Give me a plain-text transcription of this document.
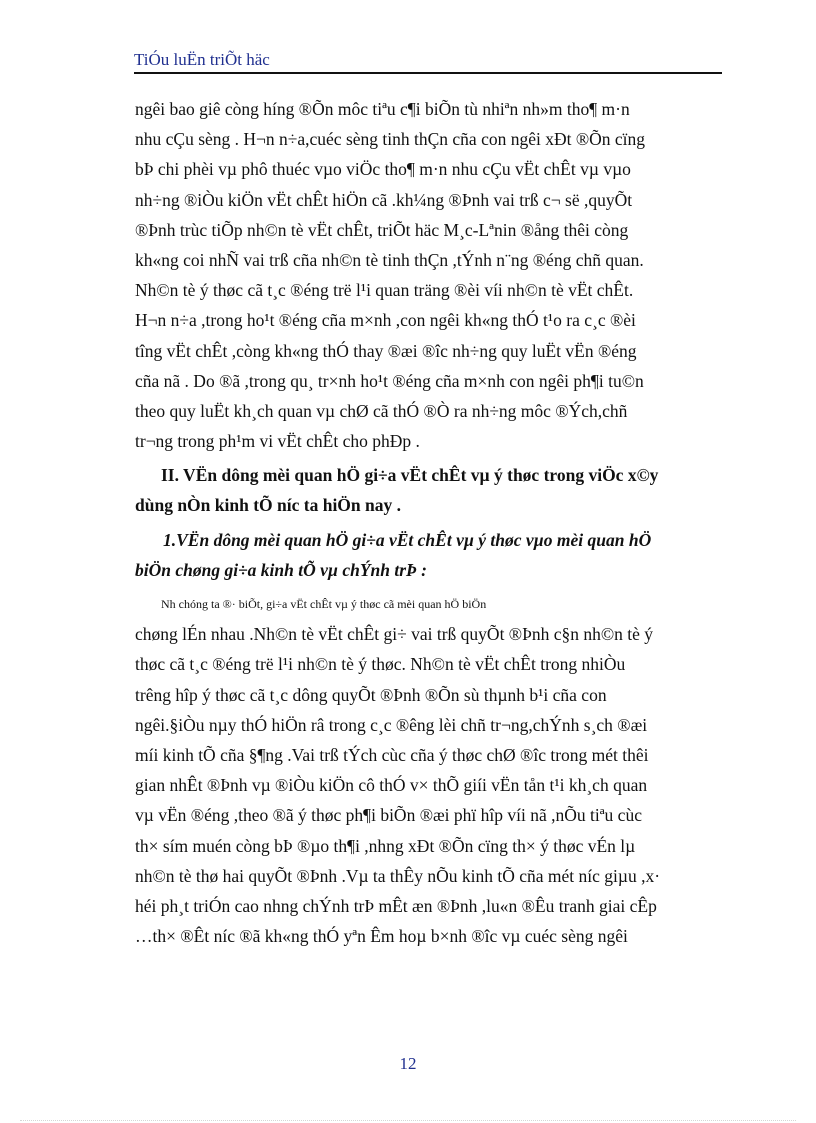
TiÓu luËn triÕt häc
ngêi bao giê còng híng ®Õn môc tiªu c¶i biÕn tù nhiªn nh»m tho¶ m·n
nhu cÇu sèng . H¬n n÷a,cuéc sèng tinh thÇn cña con ngêi xÐt ®Õn cïng
bÞ chi phèi vµ phô thuéc vµo viÖc tho¶ m·n nhu cÇu vËt chÊt vµ vµo
nh÷ng ®iÒu kiÖn vËt chÊt hiÖn cã .kh¼ng ®Þnh vai trß c¬ së ,quyÕt
®Þnh trùc tiÕp nh©n tè vËt chÊt, triÕt häc M¸c-Lªnin ®ång thêi còng
kh«ng coi nhÑ vai trß cña nh©n tè tinh thÇn ,tÝnh n¨ng ®éng chñ quan.
Nh©n tè ý thøc cã t¸c ®éng trë l¹i quan träng ®èi víi nh©n tè vËt chÊt.
H¬n n÷a ,trong ho¹t ®éng cña m×nh ,con ngêi kh«ng thÓ t¹o ra c¸c ®èi
tîng vËt chÊt ,còng kh«ng thÓ thay ®æi ®îc nh÷ng quy luËt vËn ®éng
cña nã . Do ®ã ,trong qu¸ tr×nh ho¹t ®éng cña m×nh con ngêi ph¶i tu©n
theo quy luËt kh¸ch quan vµ chØ cã thÓ ®Ò ra nh÷ng môc ®Ých,chñ
tr¬ng trong ph¹m vi vËt chÊt cho phÐp .
II. VËn dông mèi quan hÖ gi÷a vËt chÊt vµ ý thøc trong viÖc x©y
dùng nÒn kinh tÕ níc ta hiÖn nay .
1.VËn dông mèi quan hÖ gi÷a vËt chÊt vµ ý thøc vµo mèi quan hÖ
biÖn chøng gi÷a kinh tÕ vµ chÝnh trÞ :
Nh chóng ta ®· biÕt, gi÷a vËt chÊt vµ ý thøc cã mèi quan hÖ biÖn
chøng lÉn nhau .Nh©n tè vËt chÊt gi÷ vai trß quyÕt ®Þnh c§n nh©n tè ý
thøc cã t¸c ®éng trë l¹i nh©n tè ý thøc. Nh©n tè vËt chÊt trong nhiÒu
trêng hîp ý thøc cã t¸c dông quyÕt ®Þnh ®Õn sù thµnh b¹i cña con
ngêi.§iÒu nµy thÓ hiÖn râ trong c¸c ®êng lèi chñ tr¬ng,chÝnh s¸ch ®æi
míi kinh tÕ cña §¶ng .Vai trß tÝch cùc cña ý thøc chØ ®îc trong mét thêi
gian nhÊt ®Þnh vµ ®iÒu kiÖn cô thÓ v× thÕ giíi vËn tån t¹i kh¸ch quan
vµ vËn ®éng ,theo ®ã ý thøc ph¶i biÕn ®æi phï hîp víi nã ,nÕu tiªu cùc
th× sím muén còng bÞ ®µo th¶i ,nhng xÐt ®Õn cïng th× ý thøc vÉn lµ
nh©n tè thø hai quyÕt ®Þnh .Vµ ta thÊy nÕu kinh tÕ cña mét níc giµu ,x·
héi ph¸t triÓn cao nhng chÝnh trÞ mÊt æn ®Þnh ,lu«n ®Êu tranh giai cÊp
…th× ®Êt níc ®ã kh«ng thÓ yªn Êm hoµ b×nh ®îc vµ cuéc sèng ngêi
12
